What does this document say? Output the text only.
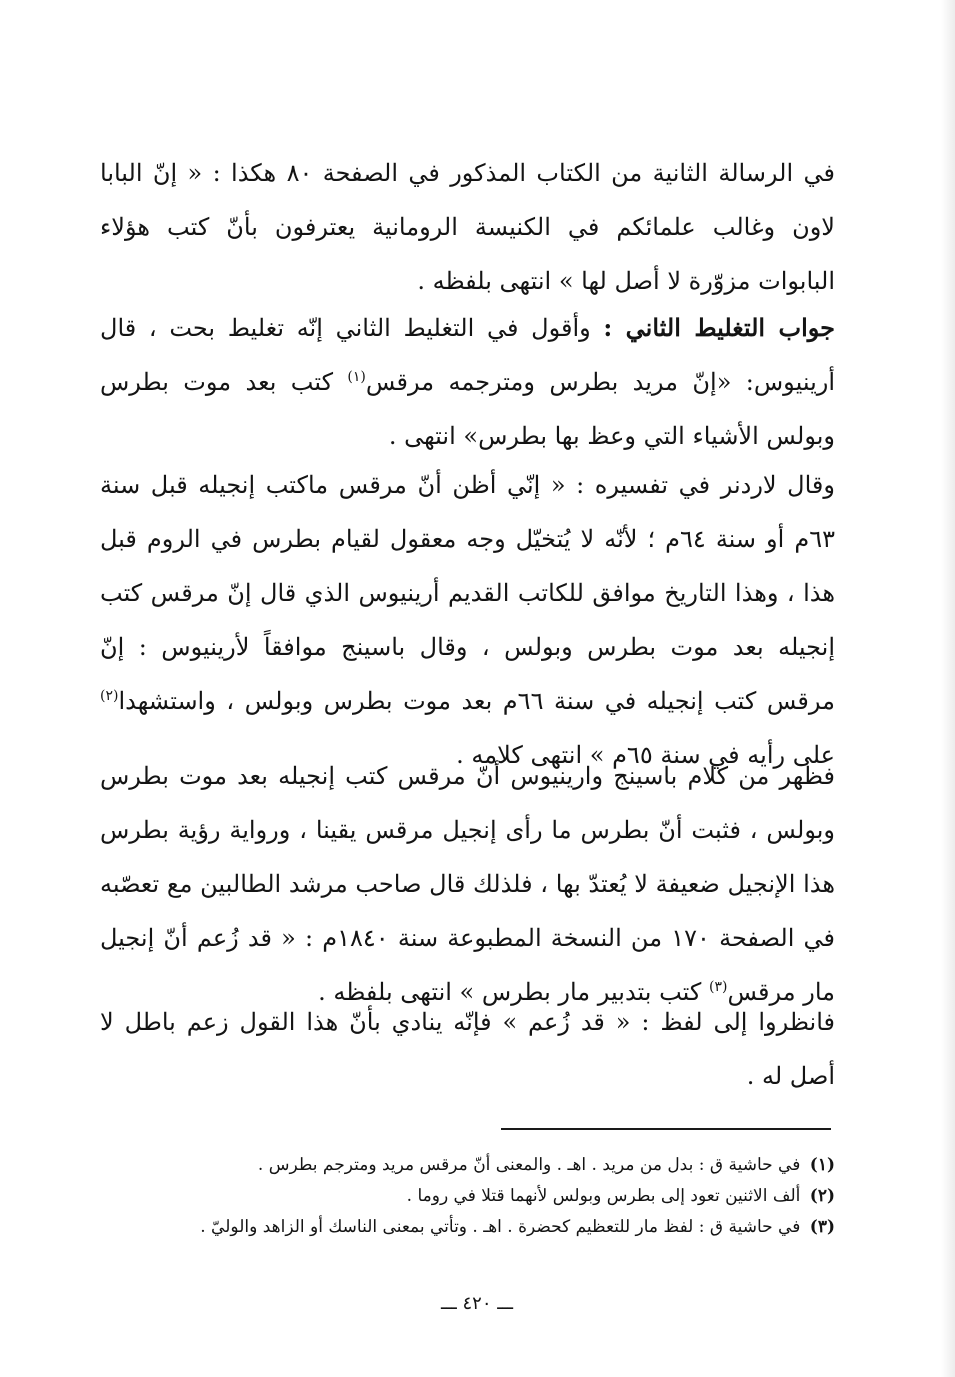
في الرسالة الثانية من الكتاب المذكور في الصفحة ٨٠ هكذا : « إنّ البابا لاون وغالب علمائكم في الكنيسة الرومانية يعترفون بأنّ كتب هؤلاء البابوات مزوّرة لا أصل لها » انتهى بلفظه .

جواب التغليط الثاني : وأقول في التغليط الثاني إنّه تغليط بحت ، قال أرينيوس: «إنّ مريد بطرس ومترجمه مرقس$^{(١)}$ كتب بعد موت بطرس وبولس الأشياء التي وعظ بها بطرس» انتهى .

وقال لاردنر في تفسيره : « إنّي أظن أنّ مرقس ماكتب إنجيله قبل سنة ٦٣م أو سنة ٦٤م ؛ لأنّه لا يُتخيّل وجه معقول لقيام بطرس في الروم قبل هذا ، وهذا التاريخ موافق للكاتب القديم أرينيوس الذي قال إنّ مرقس كتب إنجيله بعد موت بطرس وبولس ، وقال باسينج موافقاً لأرينيوس : إنّ مرقس كتب إنجيله في سنة ٦٦م بعد موت بطرس وبولس ، واستشهدا$^{(٢)}$ على رأيه في سنة ٦٥م » انتهى كلامه .

فظهر من كلام باسينج وارينيوس أنّ مرقس كتب إنجيله بعد موت بطرس وبولس ، فثبت أنّ بطرس ما رأى إنجيل مرقس يقينا ، ورواية رؤية بطرس هذا الإنجيل ضعيفة لا يُعتدّ بها ، فلذلك قال صاحب مرشد الطالبين مع تعصّبه في الصفحة ١٧٠ من النسخة المطبوعة سنة ١٨٤٠م : « قد زُعم أنّ إنجيل مار مرقس$^{(٣)}$ كتب بتدبير مار بطرس » انتهى بلفظه .

فانظروا إلى لفظ : « قد زُعم » فإنّه ينادي بأنّ هذا القول زعم باطل لا أصل له .

(١) في حاشية ق : بدل من مريد . اهـ . والمعنى أنّ مرقس مريد ومترجم بطرس .
(٢) ألف الاثنين تعود إلى بطرس وبولس لأنهما قتلا في روما .
(٣) في حاشية ق : لفظ مار للتعظيم كحضرة . اهـ . وتأتي بمعنى الناسك أو الزاهد والوليّ .
ـــ ٤٢٠ ـــ
